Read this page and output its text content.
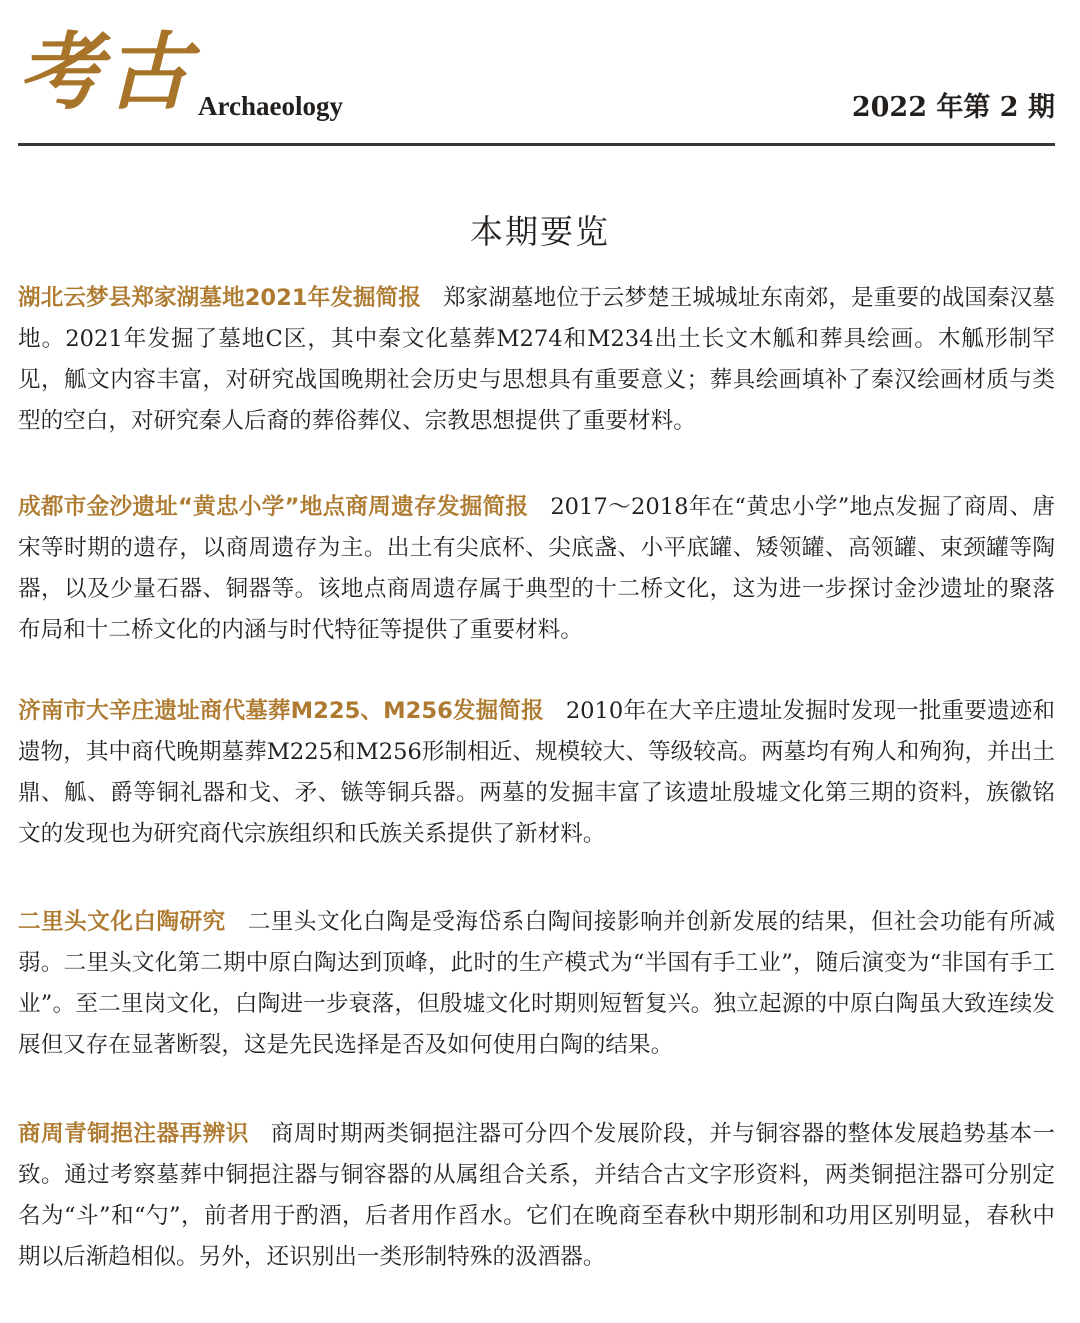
考古 Archaeology	2022 年第 2 期
本期要览

湖北云梦县郑家湖墓地2021年发掘简报 郑家湖墓地位于云梦楚王城城址东南郊，是重要的战国秦汉墓地。2021年发掘了墓地C区，其中秦文化墓葬M274和M234出土长文木觚和葬具绘画。木觚形制罕见，觚文内容丰富，对研究战国晚期社会历史与思想具有重要意义；葬具绘画填补了秦汉绘画材质与类型的空白，对研究秦人后裔的葬俗葬仪、宗教思想提供了重要材料。

成都市金沙遗址“黄忠小学”地点商周遗存发掘简报 2017～2018年在“黄忠小学”地点发掘了商周、唐宋等时期的遗存，以商周遗存为主。出土有尖底杯、尖底盏、小平底罐、矮领罐、高领罐、束颈罐等陶器，以及少量石器、铜器等。该地点商周遗存属于典型的十二桥文化，这为进一步探讨金沙遗址的聚落布局和十二桥文化的内涵与时代特征等提供了重要材料。

济南市大辛庄遗址商代墓葬M225、M256发掘简报 2010年在大辛庄遗址发掘时发现一批重要遗迹和遗物，其中商代晚期墓葬M225和M256形制相近、规模较大、等级较高。两墓均有殉人和殉狗，并出土鼎、觚、爵等铜礼器和戈、矛、镞等铜兵器。两墓的发掘丰富了该遗址殷墟文化第三期的资料，族徽铭文的发现也为研究商代宗族组织和氏族关系提供了新材料。

二里头文化白陶研究 二里头文化白陶是受海岱系白陶间接影响并创新发展的结果，但社会功能有所减弱。二里头文化第二期中原白陶达到顶峰，此时的生产模式为“半国有手工业”，随后演变为“非国有手工业”。至二里岗文化，白陶进一步衰落，但殷墟文化时期则短暂复兴。独立起源的中原白陶虽大致连续发展但又存在显著断裂，这是先民选择是否及如何使用白陶的结果。

商周青铜挹注器再辨识 商周时期两类铜挹注器可分四个发展阶段，并与铜容器的整体发展趋势基本一致。通过考察墓葬中铜挹注器与铜容器的从属组合关系，并结合古文字形资料，两类铜挹注器可分别定名为“斗”和“勺”，前者用于酌酒，后者用作舀水。它们在晚商至春秋中期形制和功用区别明显，春秋中期以后渐趋相似。另外，还识别出一类形制特殊的汲酒器。
